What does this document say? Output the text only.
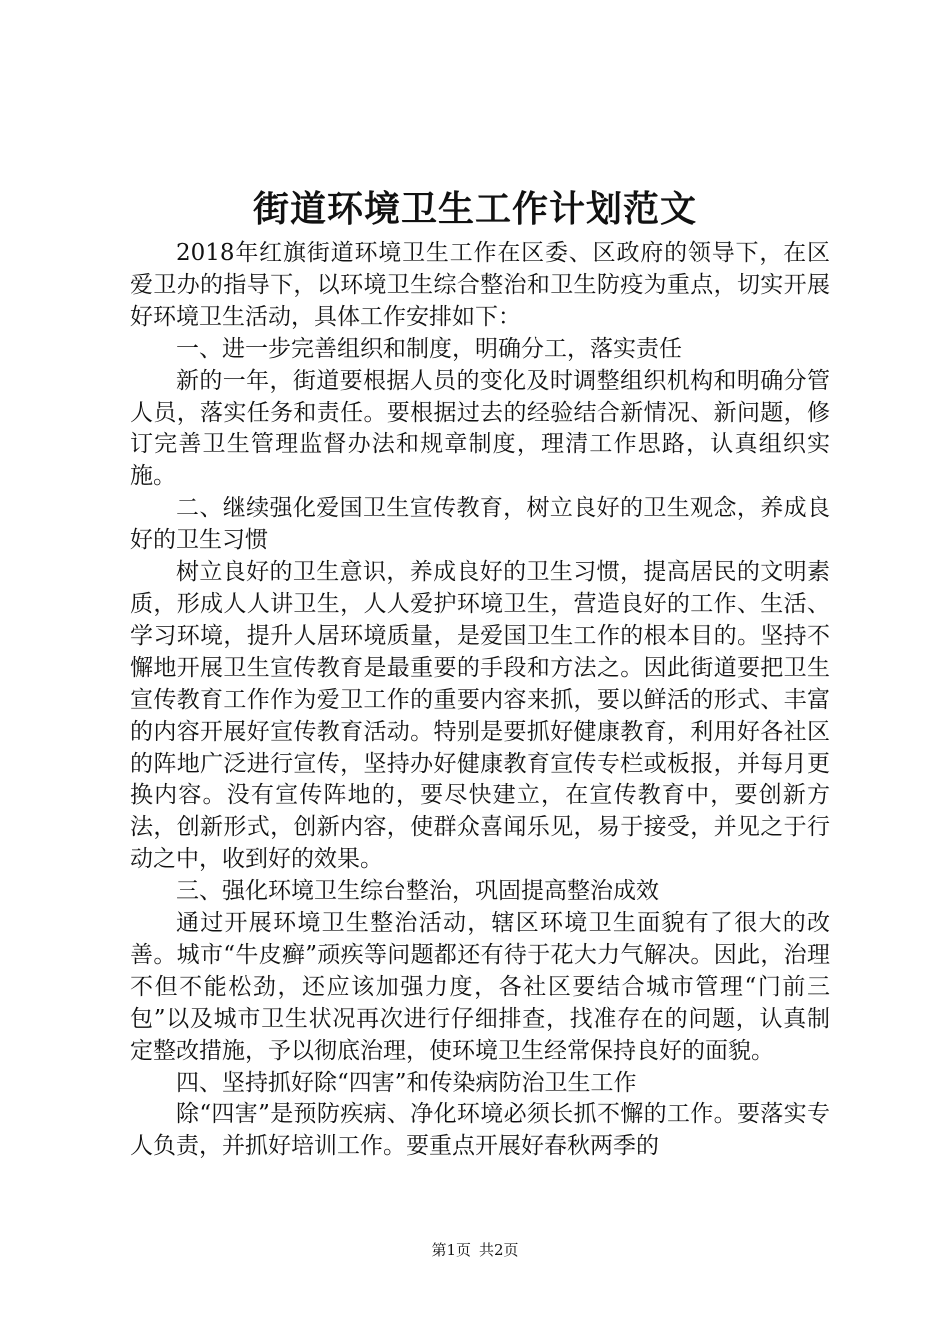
街道环境卫生工作计划范文

2018年红旗街道环境卫生工作在区委、区政府的领导下，在区爱卫办的指导下，以环境卫生综合整治和卫生防疫为重点，切实开展好环境卫生活动，具体工作安排如下：

一、进一步完善组织和制度，明确分工，落实责任

新的一年，街道要根据人员的变化及时调整组织机构和明确分管人员，落实任务和责任。要根据过去的经验结合新情况、新问题，修订完善卫生管理监督办法和规章制度，理清工作思路，认真组织实施。

二、继续强化爱国卫生宣传教育，树立良好的卫生观念，养成良好的卫生习惯

树立良好的卫生意识，养成良好的卫生习惯，提高居民的文明素质，形成人人讲卫生，人人爱护环境卫生，营造良好的工作、生活、学习环境，提升人居环境质量，是爱国卫生工作的根本目的。坚持不懈地开展卫生宣传教育是最重要的手段和方法之。因此街道要把卫生宣传教育工作作为爱卫工作的重要内容来抓，要以鲜活的形式、丰富的内容开展好宣传教育活动。特别是要抓好健康教育，利用好各社区的阵地广泛进行宣传，坚持办好健康教育宣传专栏或板报，并每月更换内容。没有宣传阵地的，要尽快建立，在宣传教育中，要创新方法，创新形式，创新内容，使群众喜闻乐见，易于接受，并见之于行动之中，收到好的效果。

三、强化环境卫生综台整治，巩固提高整治成效

通过开展环境卫生整治活动，辖区环境卫生面貌有了很大的改善。城市“牛皮癣”顽疾等问题都还有待于花大力气解决。因此，治理不但不能松劲，还应该加强力度，各社区要结合城市管理“门前三包”以及城市卫生状况再次进行仔细排查，找准存在的问题，认真制定整改措施，予以彻底治理，使环境卫生经常保持良好的面貌。

四、坚持抓好除“四害”和传染病防治卫生工作

除“四害”是预防疾病、净化环境必须长抓不懈的工作。要落实专人负责，并抓好培训工作。要重点开展好春秋两季的

第1页 共2页
